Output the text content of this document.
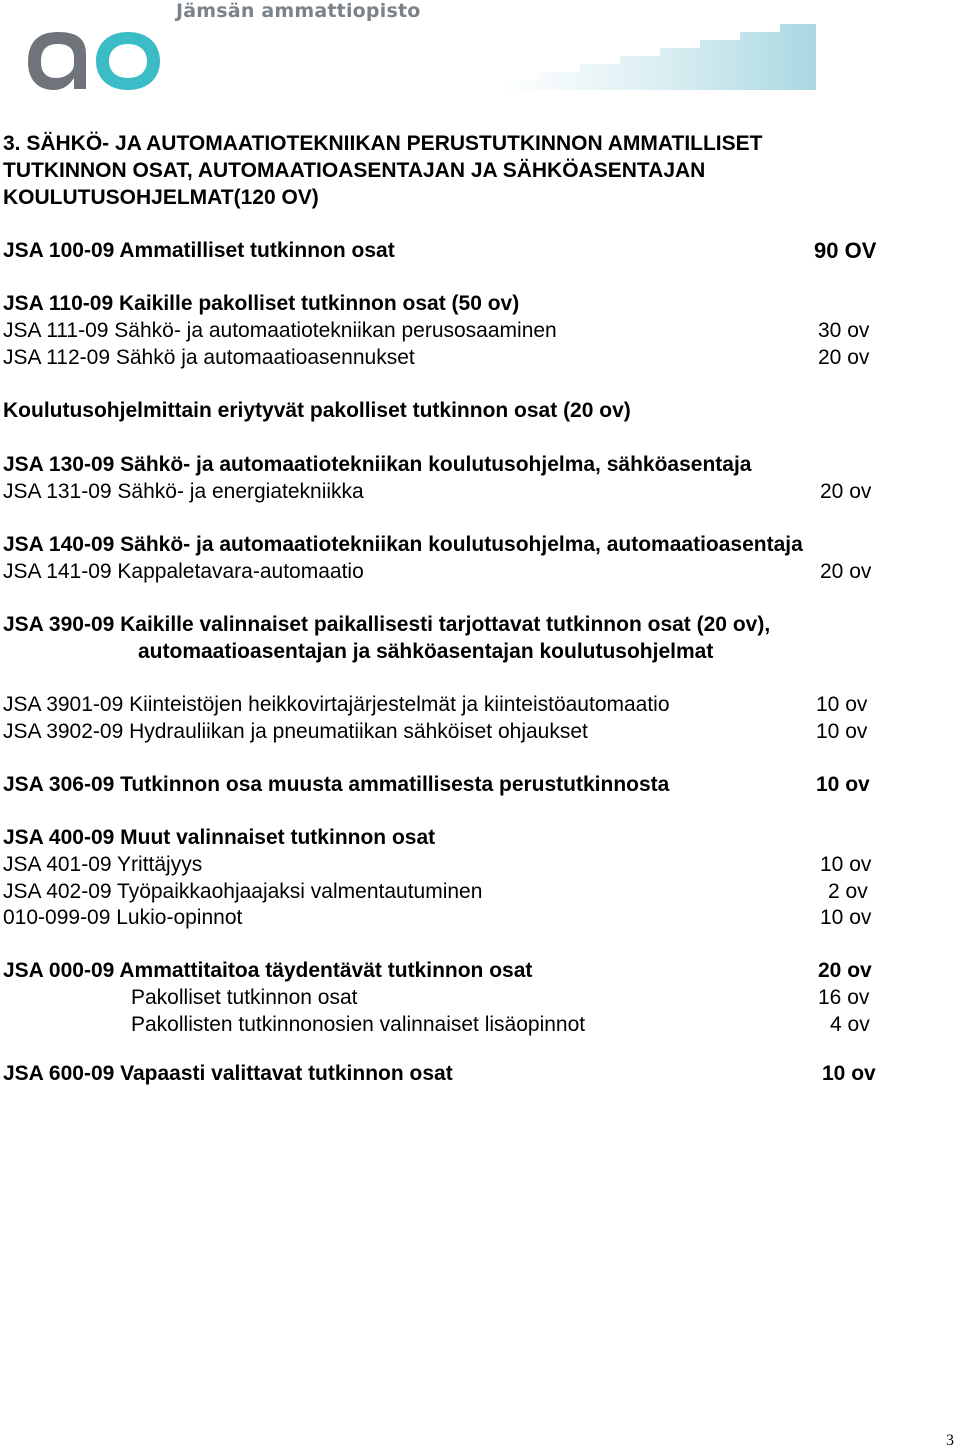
Jämsän ammattiopisto
3. SÄHKÖ- JA AUTOMAATIOTEKNIIKAN PERUSTUTKINNON AMMATILLISET
TUTKINNON OSAT, AUTOMAATIOASENTAJAN JA SÄHKÖASENTAJAN
KOULUTUSOHJELMAT(120 OV)
JSA 100-09 Ammatilliset tutkinnon osat	90 OV
JSA 110-09 Kaikille pakolliset tutkinnon osat (50 ov)
JSA 111-09 Sähkö- ja automaatiotekniikan perusosaaminen	30 ov
JSA 112-09 Sähkö ja automaatioasennukset	20 ov
Koulutusohjelmittain eriytyvät pakolliset tutkinnon osat (20 ov)
JSA 130-09 Sähkö- ja automaatiotekniikan koulutusohjelma, sähköasentaja
JSA 131-09 Sähkö- ja energiatekniikka	20 ov
JSA 140-09 Sähkö- ja automaatiotekniikan koulutusohjelma, automaatioasentaja
JSA 141-09 Kappaletavara-automaatio	20 ov
JSA 390-09 Kaikille valinnaiset paikallisesti tarjottavat tutkinnon osat (20 ov),
automaatioasentajan ja sähköasentajan koulutusohjelmat
JSA 3901-09 Kiinteistöjen heikkovirtajärjestelmät ja kiinteistöautomaatio	10 ov
JSA 3902-09 Hydrauliikan ja pneumatiikan sähköiset ohjaukset	10 ov
JSA 306-09 Tutkinnon osa muusta ammatillisesta perustutkinnosta	10 ov
JSA 400-09 Muut valinnaiset tutkinnon osat
JSA 401-09 Yrittäjyys	10 ov
JSA 402-09 Työpaikkaohjaajaksi valmentautuminen	2 ov
010-099-09 Lukio-opinnot	10 ov
JSA 000-09 Ammattitaitoa täydentävät tutkinnon osat	20 ov
Pakolliset tutkinnon osat	16 ov
Pakollisten tutkinnonosien valinnaiset lisäopinnot	4 ov
JSA 600-09 Vapaasti valittavat tutkinnon osat	10 ov
3
